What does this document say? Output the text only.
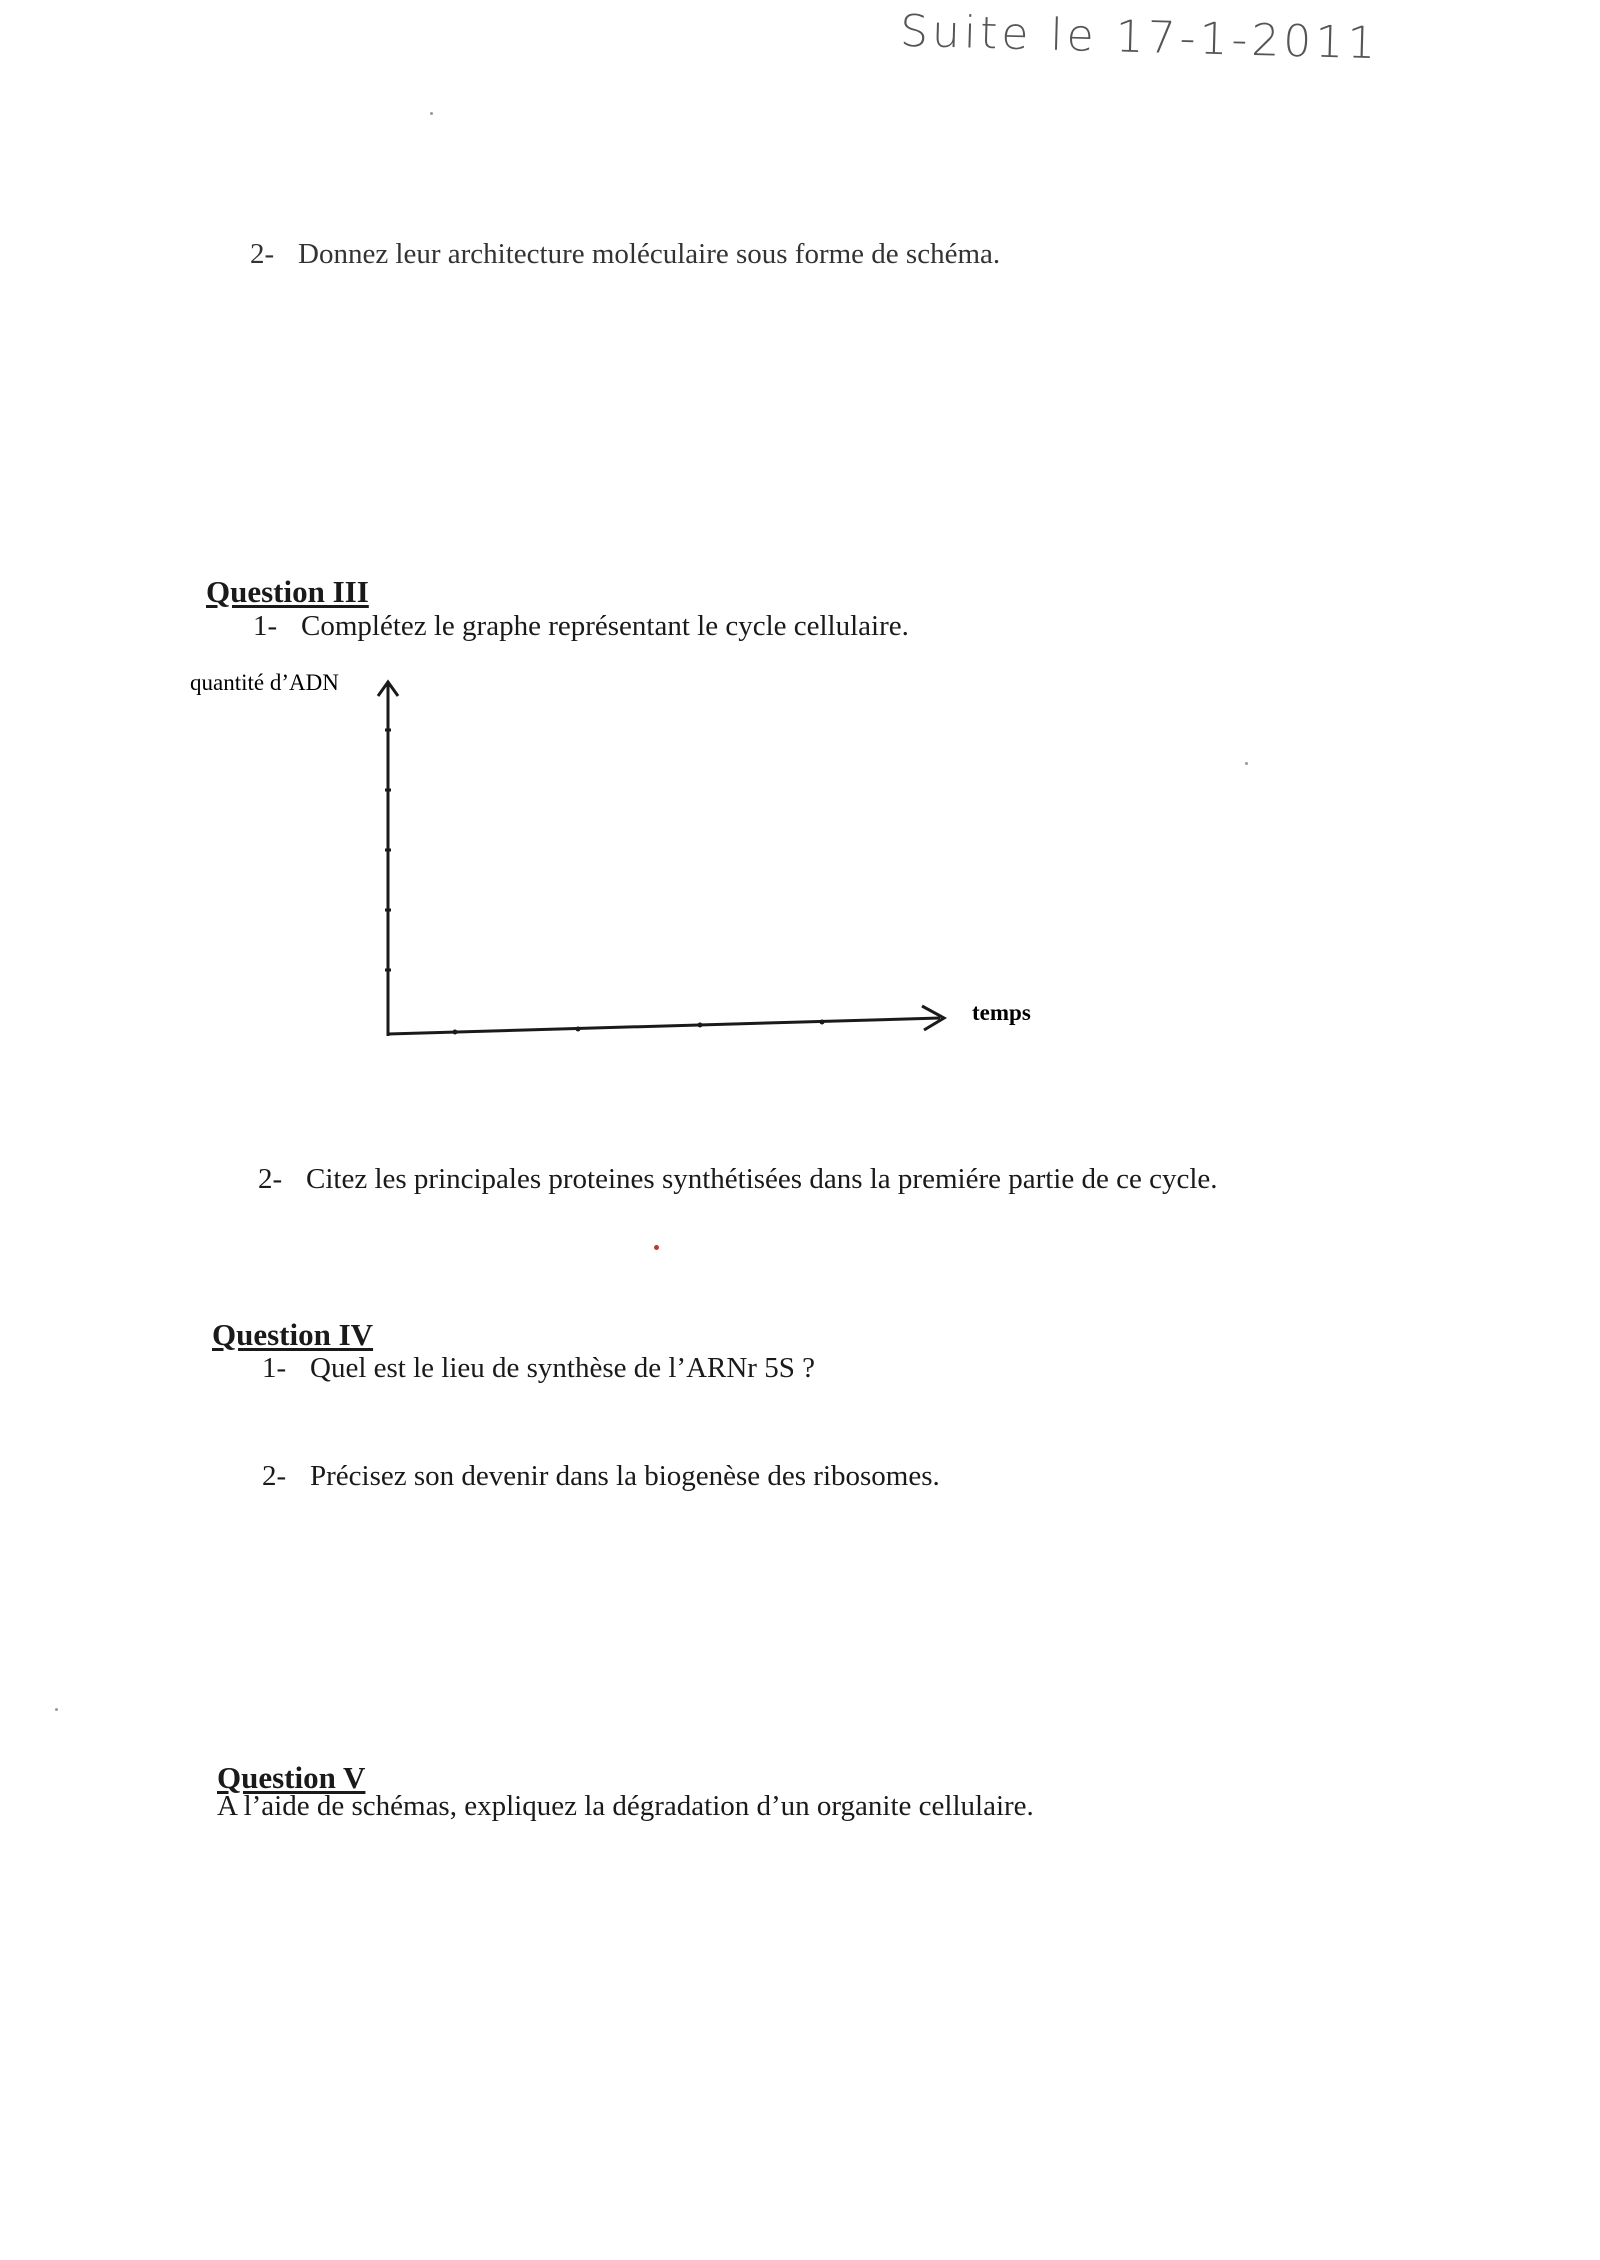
Suite le 17-1-2011
2- Donnez leur architecture moléculaire sous forme de schéma.
Question III
1- Complétez le graphe représentant le cycle cellulaire.
quantité d’ADN
temps
2- Citez les principales proteines synthétisées dans la premiére partie de ce cycle.
Question IV
1- Quel est le lieu de synthèse de l’ARNr 5S ?
2- Précisez son devenir dans la biogenèse des ribosomes.
Question V
A l’aide de schémas, expliquez la dégradation d’un organite cellulaire.
